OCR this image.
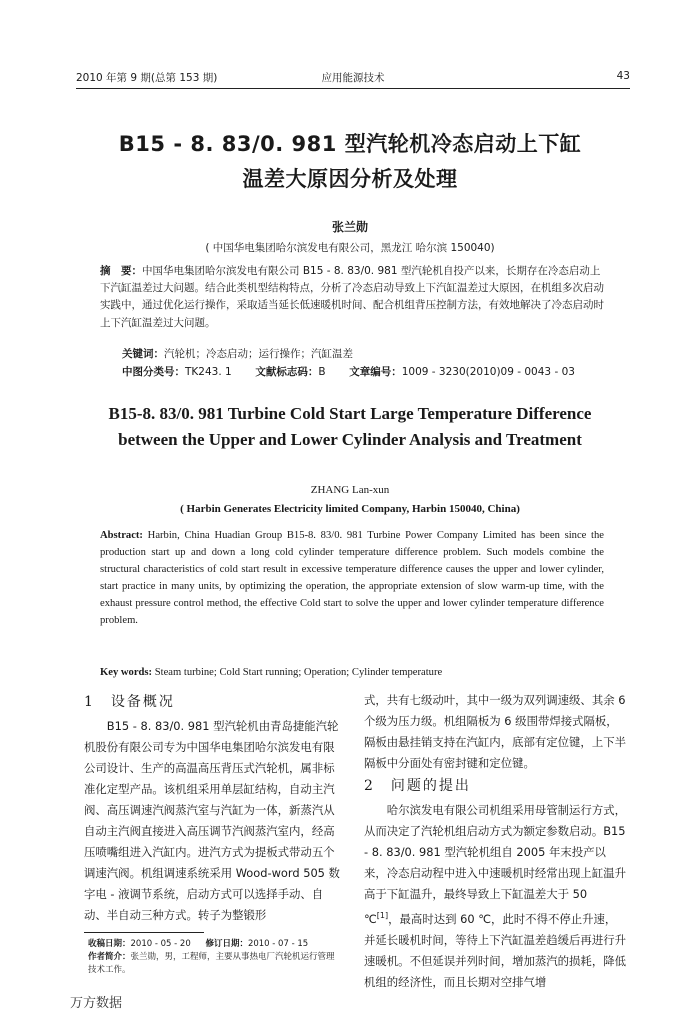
2010 年第 9 期(总第 153 期)	应用能源技术	43
B15 - 8. 83/0. 981 型汽轮机冷态启动上下缸
温差大原因分析及处理
张兰勋
( 中国华电集团哈尔滨发电有限公司，黑龙江 哈尔滨 150040)
摘　要：中国华电集团哈尔滨发电有限公司 B15 - 8. 83/0. 981 型汽轮机自投产以来，长期存在冷态启动上下汽缸温差过大问题。结合此类机型结构特点，分析了冷态启动导致上下汽缸温差过大原因，在机组多次启动实践中，通过优化运行操作，采取适当延长低速暖机时间、配合机组背压控制方法，有效地解决了冷态启动时上下汽缸温差过大问题。
关键词：汽轮机；冷态启动；运行操作；汽缸温差
中图分类号：TK243. 1 文献标志码：B 文章编号：1009 - 3230(2010)09 - 0043 - 03
B15-8. 83/0. 981 Turbine Cold Start Large Temperature Difference
between the Upper and Lower Cylinder Analysis and Treatment
ZHANG Lan-xun
( Harbin Generates Electricity limited Company, Harbin 150040, China)
Abstract: Harbin, China Huadian Group B15-8. 83/0. 981 Turbine Power Company Limited has been since the production start up and down a long cold cylinder temperature difference problem. Such models combine the structural characteristics of cold start result in excessive temperature difference causes the upper and lower cylinder, start practice in many units, by optimizing the operation, the appropriate extension of slow warm-up time, with the exhaust pressure control method, the effective Cold start to solve the upper and lower cylinder temperature difference problem.
Key words: Steam turbine; Cold Start running; Operation; Cylinder temperature
1　设备概况

B15 - 8. 83/0. 981 型汽轮机由青岛捷能汽轮机股份有限公司专为中国华电集团哈尔滨发电有限公司设计、生产的高温高压背压式汽轮机，属非标准化定型产品。该机组采用单层缸结构，自动主汽阀、高压调速汽阀蒸汽室与汽缸为一体，新蒸汽从自动主汽阀直接进入高压调节汽阀蒸汽室内，经高压喷嘴组进入汽缸内。进汽方式为提板式带动五个调速汽阀。机组调速系统采用 Wood-word 505 数字电 - 液调节系统，启动方式可以选择手动、自动、半自动三种方式。转子为整锻形

收稿日期：2010 - 05 - 20 修订日期：2010 - 07 - 15
作者简介：张兰勋，男，工程师，主要从事热电厂汽轮机运行管理技术工作。

式，共有七级动叶，其中一级为双列调速级、其余 6 个级为压力级。机组隔板为 6 级围带焊接式隔板，隔板由悬挂销支持在汽缸内，底部有定位键，上下半隔板中分面处有密封键和定位键。

2　问题的提出

哈尔滨发电有限公司机组采用母管制运行方式，从而决定了汽轮机组启动方式为额定参数启动。B15 - 8. 83/0. 981 型汽轮机组自 2005 年末投产以来，冷态启动程中进入中速暖机时经常出现上缸温升高于下缸温升，最终导致上下缸温差大于 50 ℃[1]，最高时达到 60 ℃，此时不得不停止升速，并延长暖机时间，等待上下汽缸温差趋缓后再进行升速暖机。不但延误并列时间，增加蒸汽的损耗，降低机组的经济性，而且长期对空排气增

万方数据
